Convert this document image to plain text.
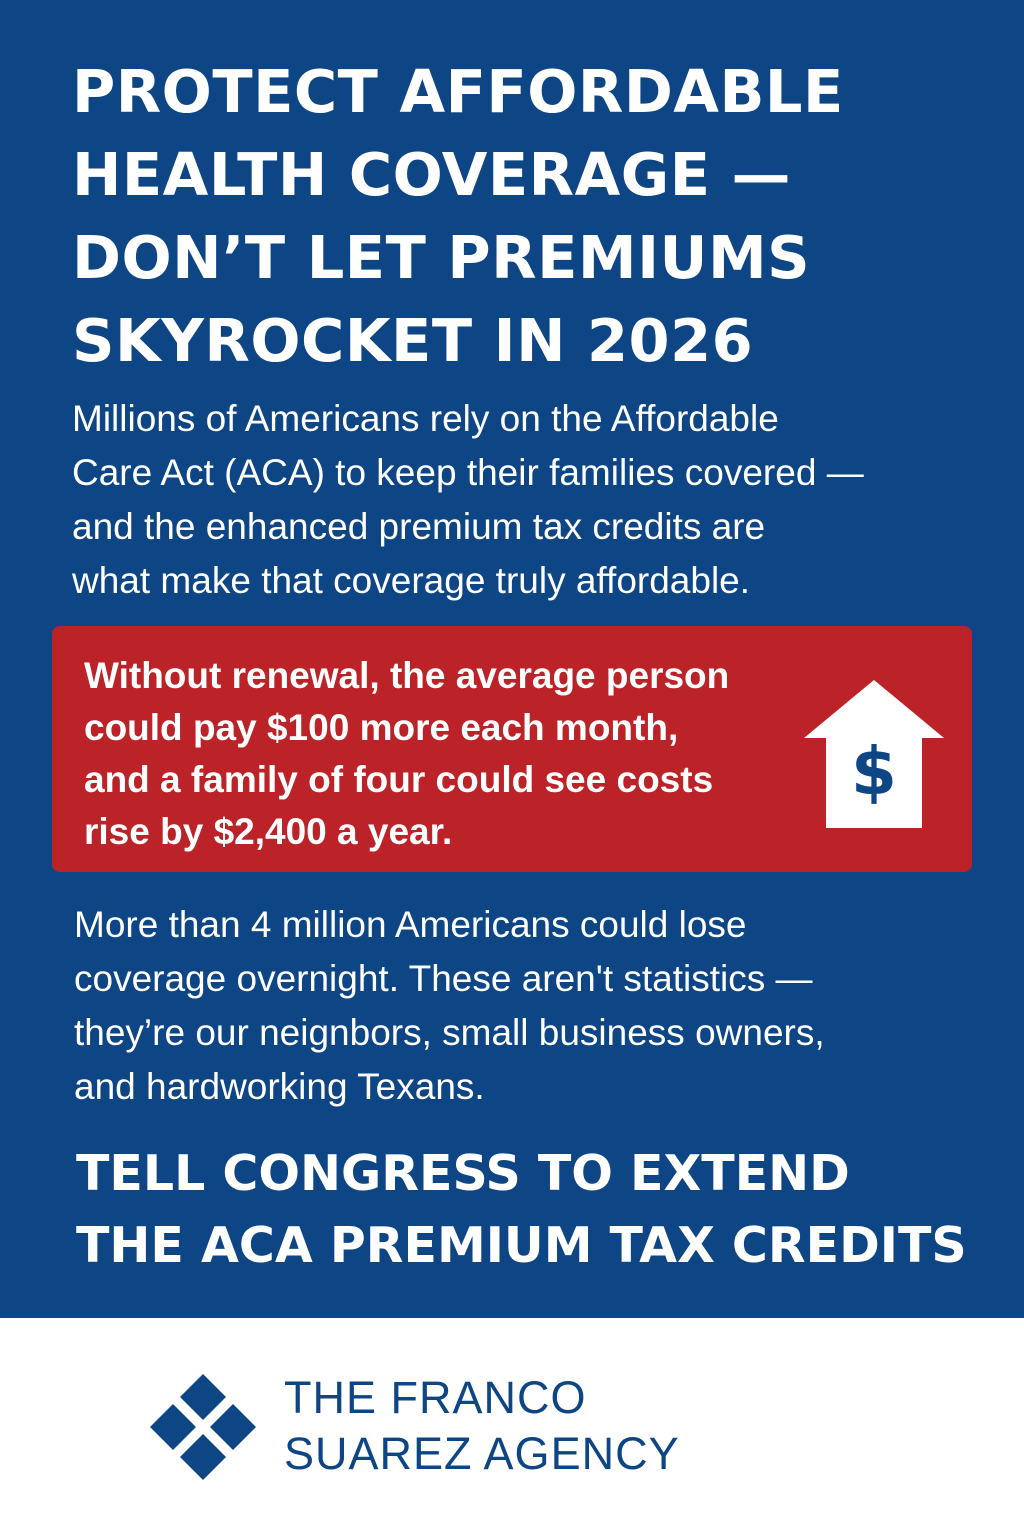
PROTECT AFFORDABLE
HEALTH COVERAGE —
DON’T LET PREMIUMS
SKYROCKET IN 2026

Millions of Americans rely on the Affordable
Care Act (ACA) to keep their families covered —
and the enhanced premium tax credits are
what make that coverage truly affordable.

Without renewal, the average person
could pay $100 more each month,
and a family of four could see costs
rise by $2,400 a year.

$

More than 4 million Americans could lose
coverage overnight. These aren't statistics —
they’re our neignbors, small business owners,
and hardworking Texans.

TELL CONGRESS TO EXTEND
THE ACA PREMIUM TAX CREDITS
THE FRANCO
SUAREZ AGENCY
